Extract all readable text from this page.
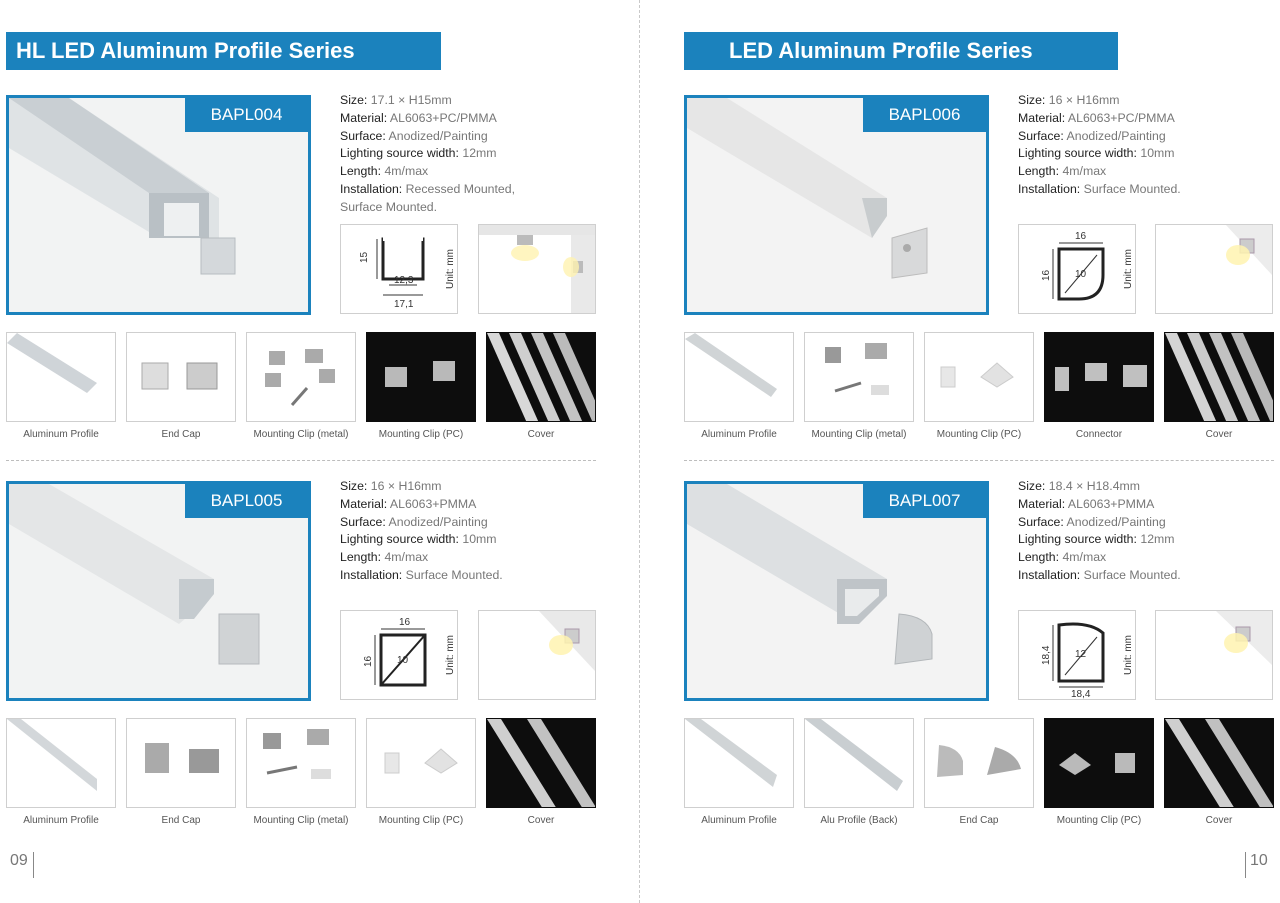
HL LED Aluminum Profile Series
BAPL004
Size: 17.1 × H15mm
Material: AL6063+PC/PMMA
Surface: Anodized/Painting
Lighting source width: 12mm
Length: 4m/max
Installation: Recessed Mounted,
Surface Mounted.
15
12,3
17,1
Unit: mm
Aluminum Profile	End Cap	Mounting Clip (metal)	Mounting Clip (PC)	Cover
BAPL005
Size: 16 × H16mm
Material: AL6063+PMMA
Surface: Anodized/Painting
Lighting source width: 10mm
Length: 4m/max
Installation: Surface Mounted.
16
16 10	Unit: mm
Aluminum Profile	End Cap	Mounting Clip (metal)	Mounting Clip (PC)	Cover
09
LED Aluminum Profile Series
BAPL006
Size: 16 × H16mm
Material: AL6063+PC/PMMA
Surface: Anodized/Painting
Lighting source width: 10mm
Length: 4m/max
Installation: Surface Mounted.
16
16 10	Unit: mm
Aluminum Profile	Mounting Clip (metal)	Mounting Clip (PC)	Connector	Cover
BAPL007
Size: 18.4 × H18.4mm
Material: AL6063+PMMA
Surface: Anodized/Painting
Lighting source width: 12mm
Length: 4m/max
Installation: Surface Mounted.
18,4
18,4
12	Unit: mm
Aluminum Profile	Alu Profile (Back)	End Cap	Mounting Clip (PC)	Cover
10
